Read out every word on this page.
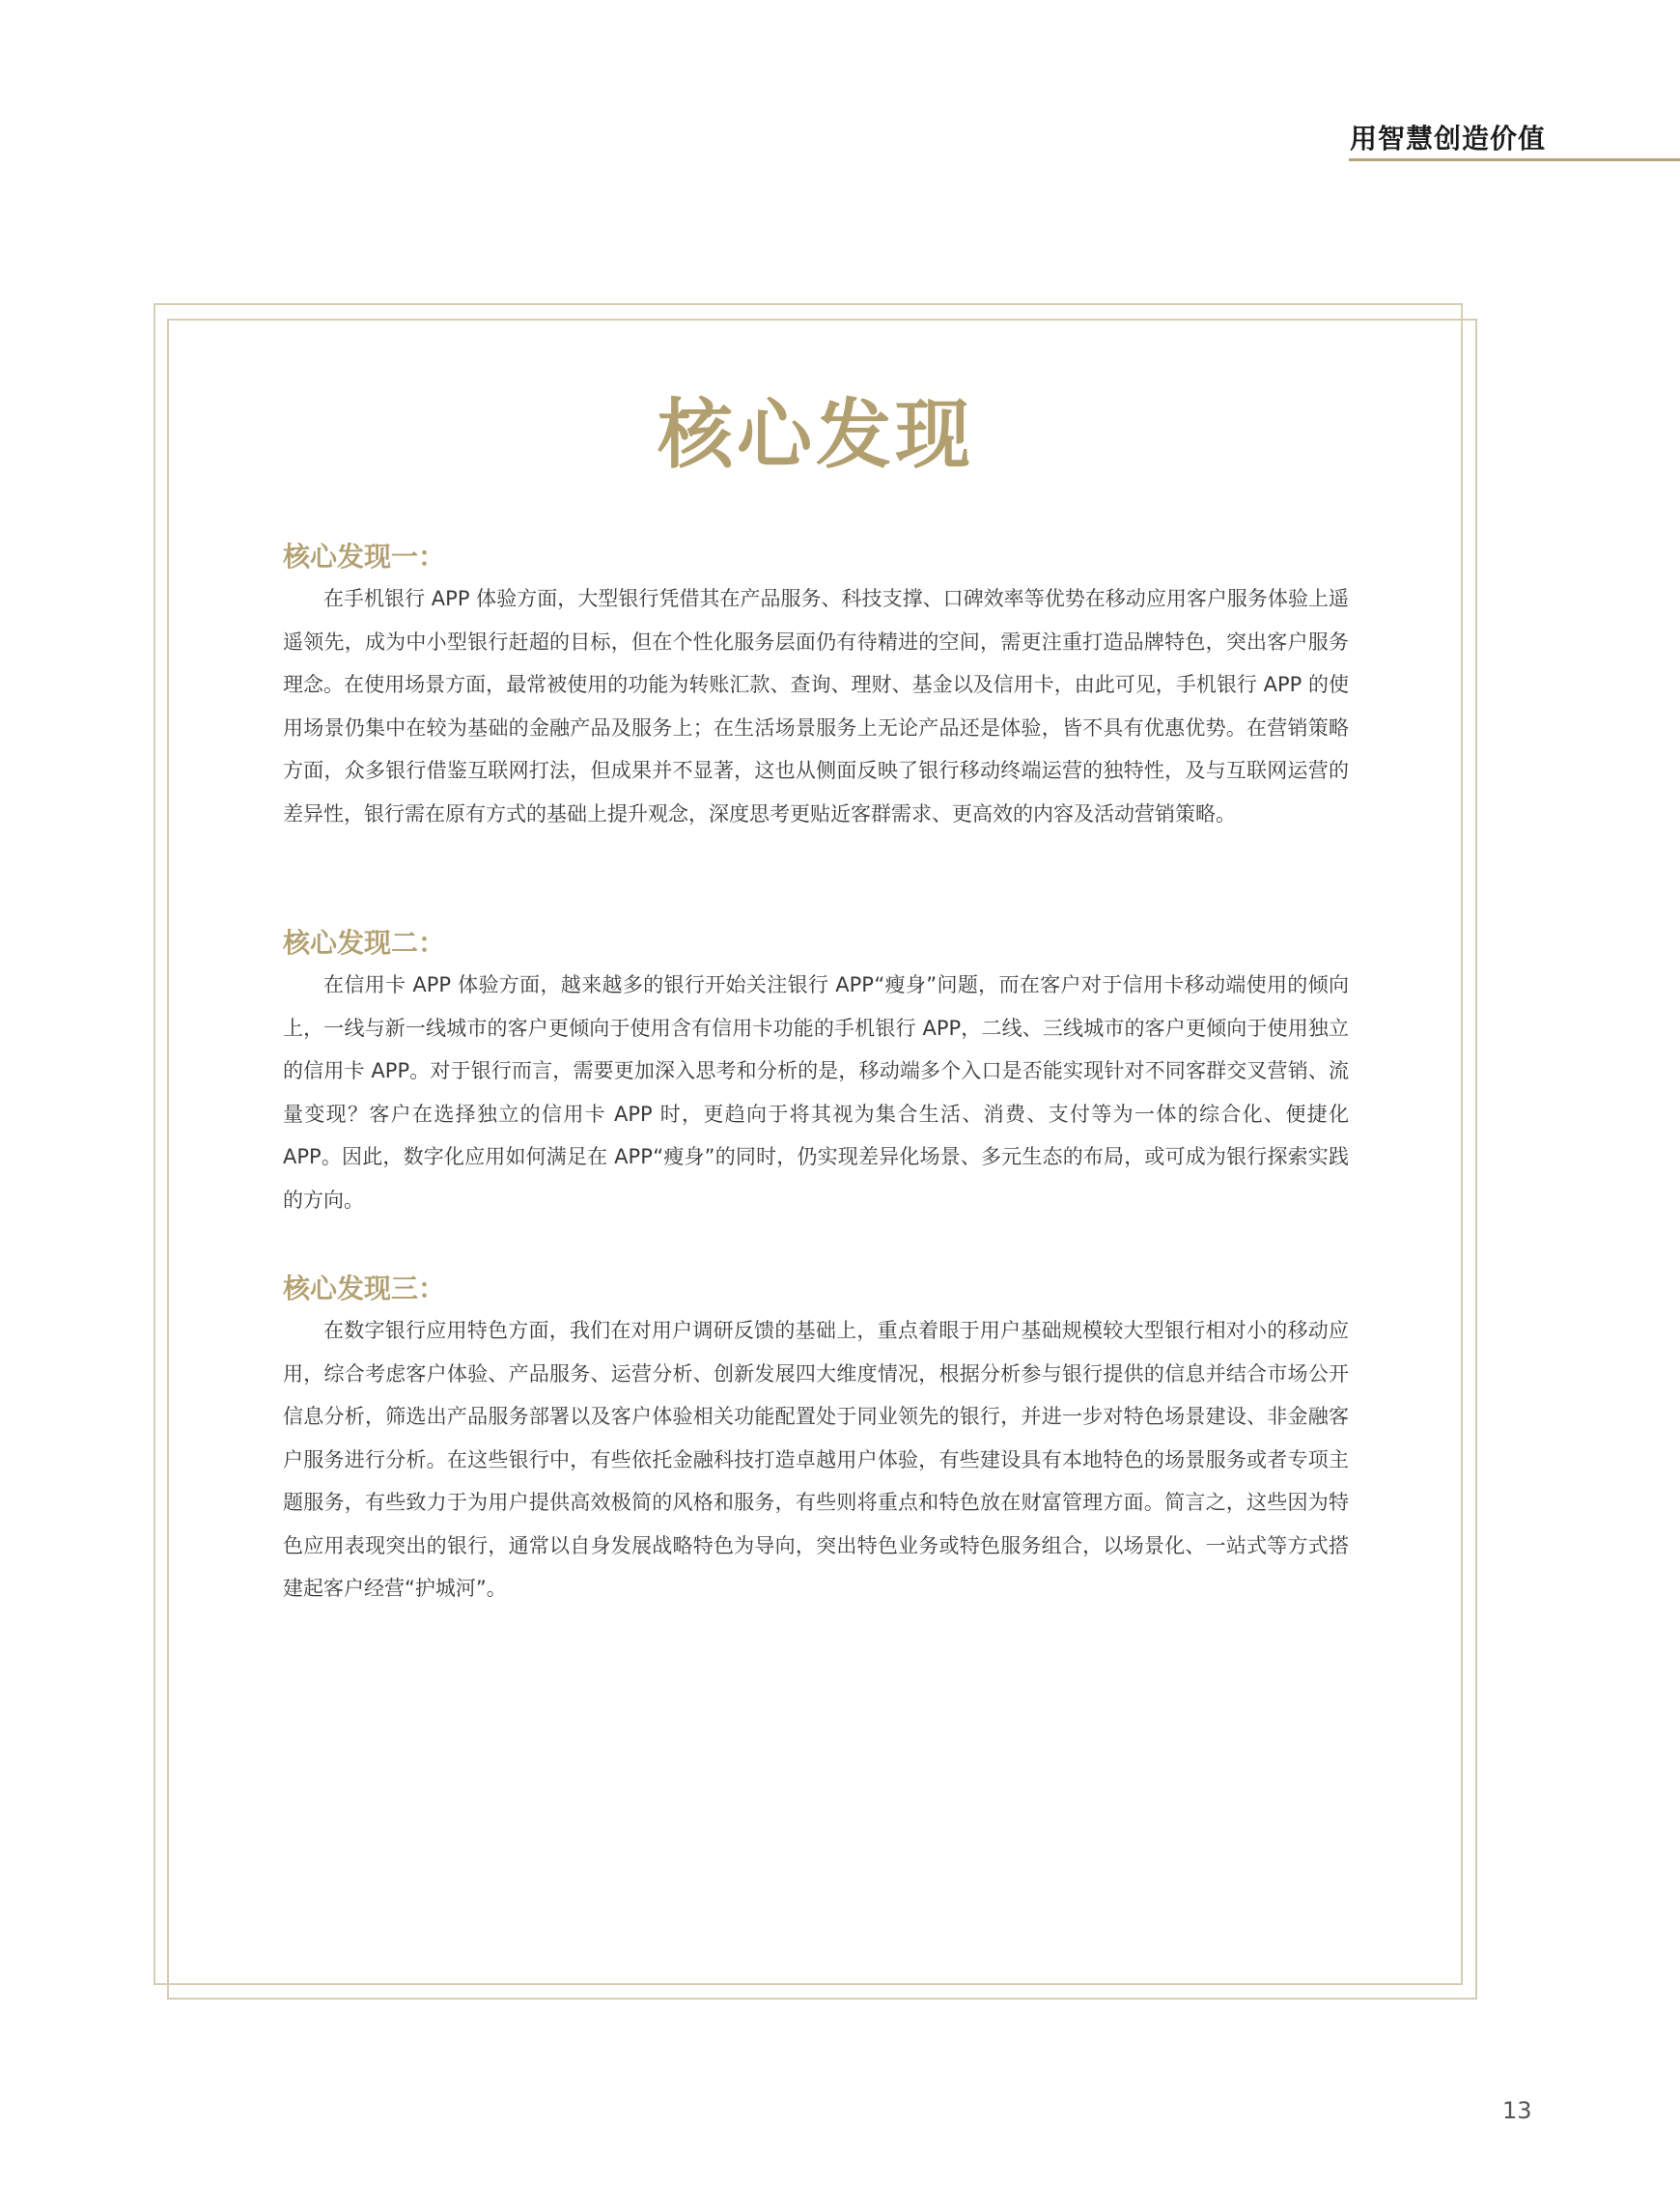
用智慧创造价值
核心发现
核心发现一：

在手机银行 APP 体验方面，大型银行凭借其在产品服务、科技支撑、口碑效率等优势在移动应用客户服务体验上遥遥领先，成为中小型银行赶超的目标，但在个性化服务层面仍有待精进的空间，需更注重打造品牌特色，突出客户服务理念。在使用场景方面，最常被使用的功能为转账汇款、查询、理财、基金以及信用卡，由此可见，手机银行 APP 的使用场景仍集中在较为基础的金融产品及服务上；在生活场景服务上无论产品还是体验，皆不具有优惠优势。在营销策略方面，众多银行借鉴互联网打法，但成果并不显著，这也从侧面反映了银行移动终端运营的独特性，及与互联网运营的差异性，银行需在原有方式的基础上提升观念，深度思考更贴近客群需求、更高效的内容及活动营销策略。

核心发现二：

在信用卡 APP 体验方面，越来越多的银行开始关注银行 APP“瘦身”问题，而在客户对于信用卡移动端使用的倾向上，一线与新一线城市的客户更倾向于使用含有信用卡功能的手机银行 APP，二线、三线城市的客户更倾向于使用独立的信用卡 APP。对于银行而言，需要更加深入思考和分析的是，移动端多个入口是否能实现针对不同客群交叉营销、流量变现？客户在选择独立的信用卡 APP 时，更趋向于将其视为集合生活、消费、支付等为一体的综合化、便捷化 APP。因此，数字化应用如何满足在 APP“瘦身”的同时，仍实现差异化场景、多元生态的布局，或可成为银行探索实践的方向。

核心发现三：

在数字银行应用特色方面，我们在对用户调研反馈的基础上，重点着眼于用户基础规模较大型银行相对小的移动应用，综合考虑客户体验、产品服务、运营分析、创新发展四大维度情况，根据分析参与银行提供的信息并结合市场公开信息分析，筛选出产品服务部署以及客户体验相关功能配置处于同业领先的银行，并进一步对特色场景建设、非金融客户服务进行分析。在这些银行中，有些依托金融科技打造卓越用户体验，有些建设具有本地特色的场景服务或者专项主题服务，有些致力于为用户提供高效极简的风格和服务，有些则将重点和特色放在财富管理方面。简言之，这些因为特色应用表现突出的银行，通常以自身发展战略特色为导向，突出特色业务或特色服务组合，以场景化、一站式等方式搭建起客户经营“护城河”。

13
